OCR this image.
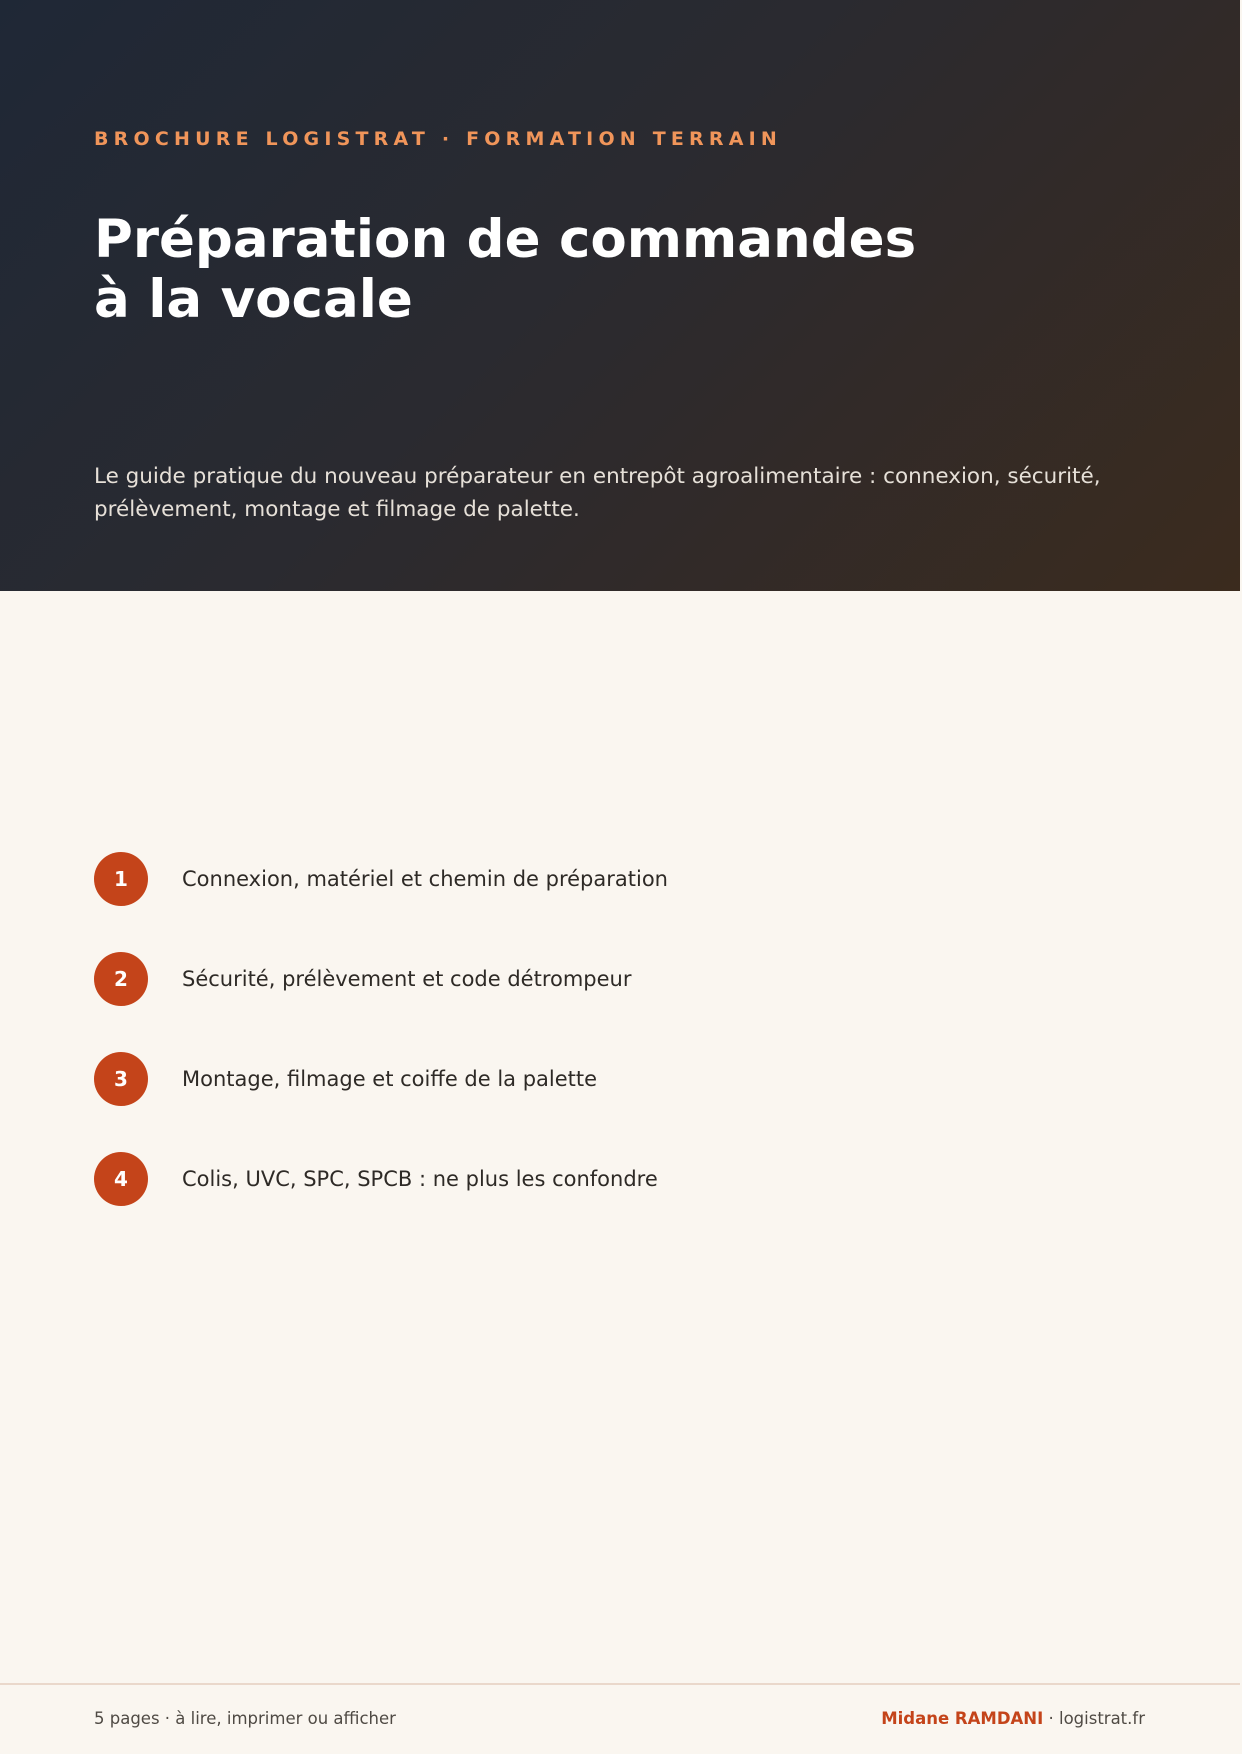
BROCHURE LOGISTRAT · FORMATION TERRAIN
Préparation de commandes
à la vocale

Le guide pratique du nouveau préparateur en entrepôt agroalimentaire : connexion, sécurité, prélèvement, montage et filmage de palette.

1	Connexion, matériel et chemin de préparation
2	Sécurité, prélèvement et code détrompeur
3	Montage, filmage et coiffe de la palette
4	Colis, UVC, SPC, SPCB : ne plus les confondre
5 pages · à lire, imprimer ou afficher	Midane RAMDANI · logistrat.fr
